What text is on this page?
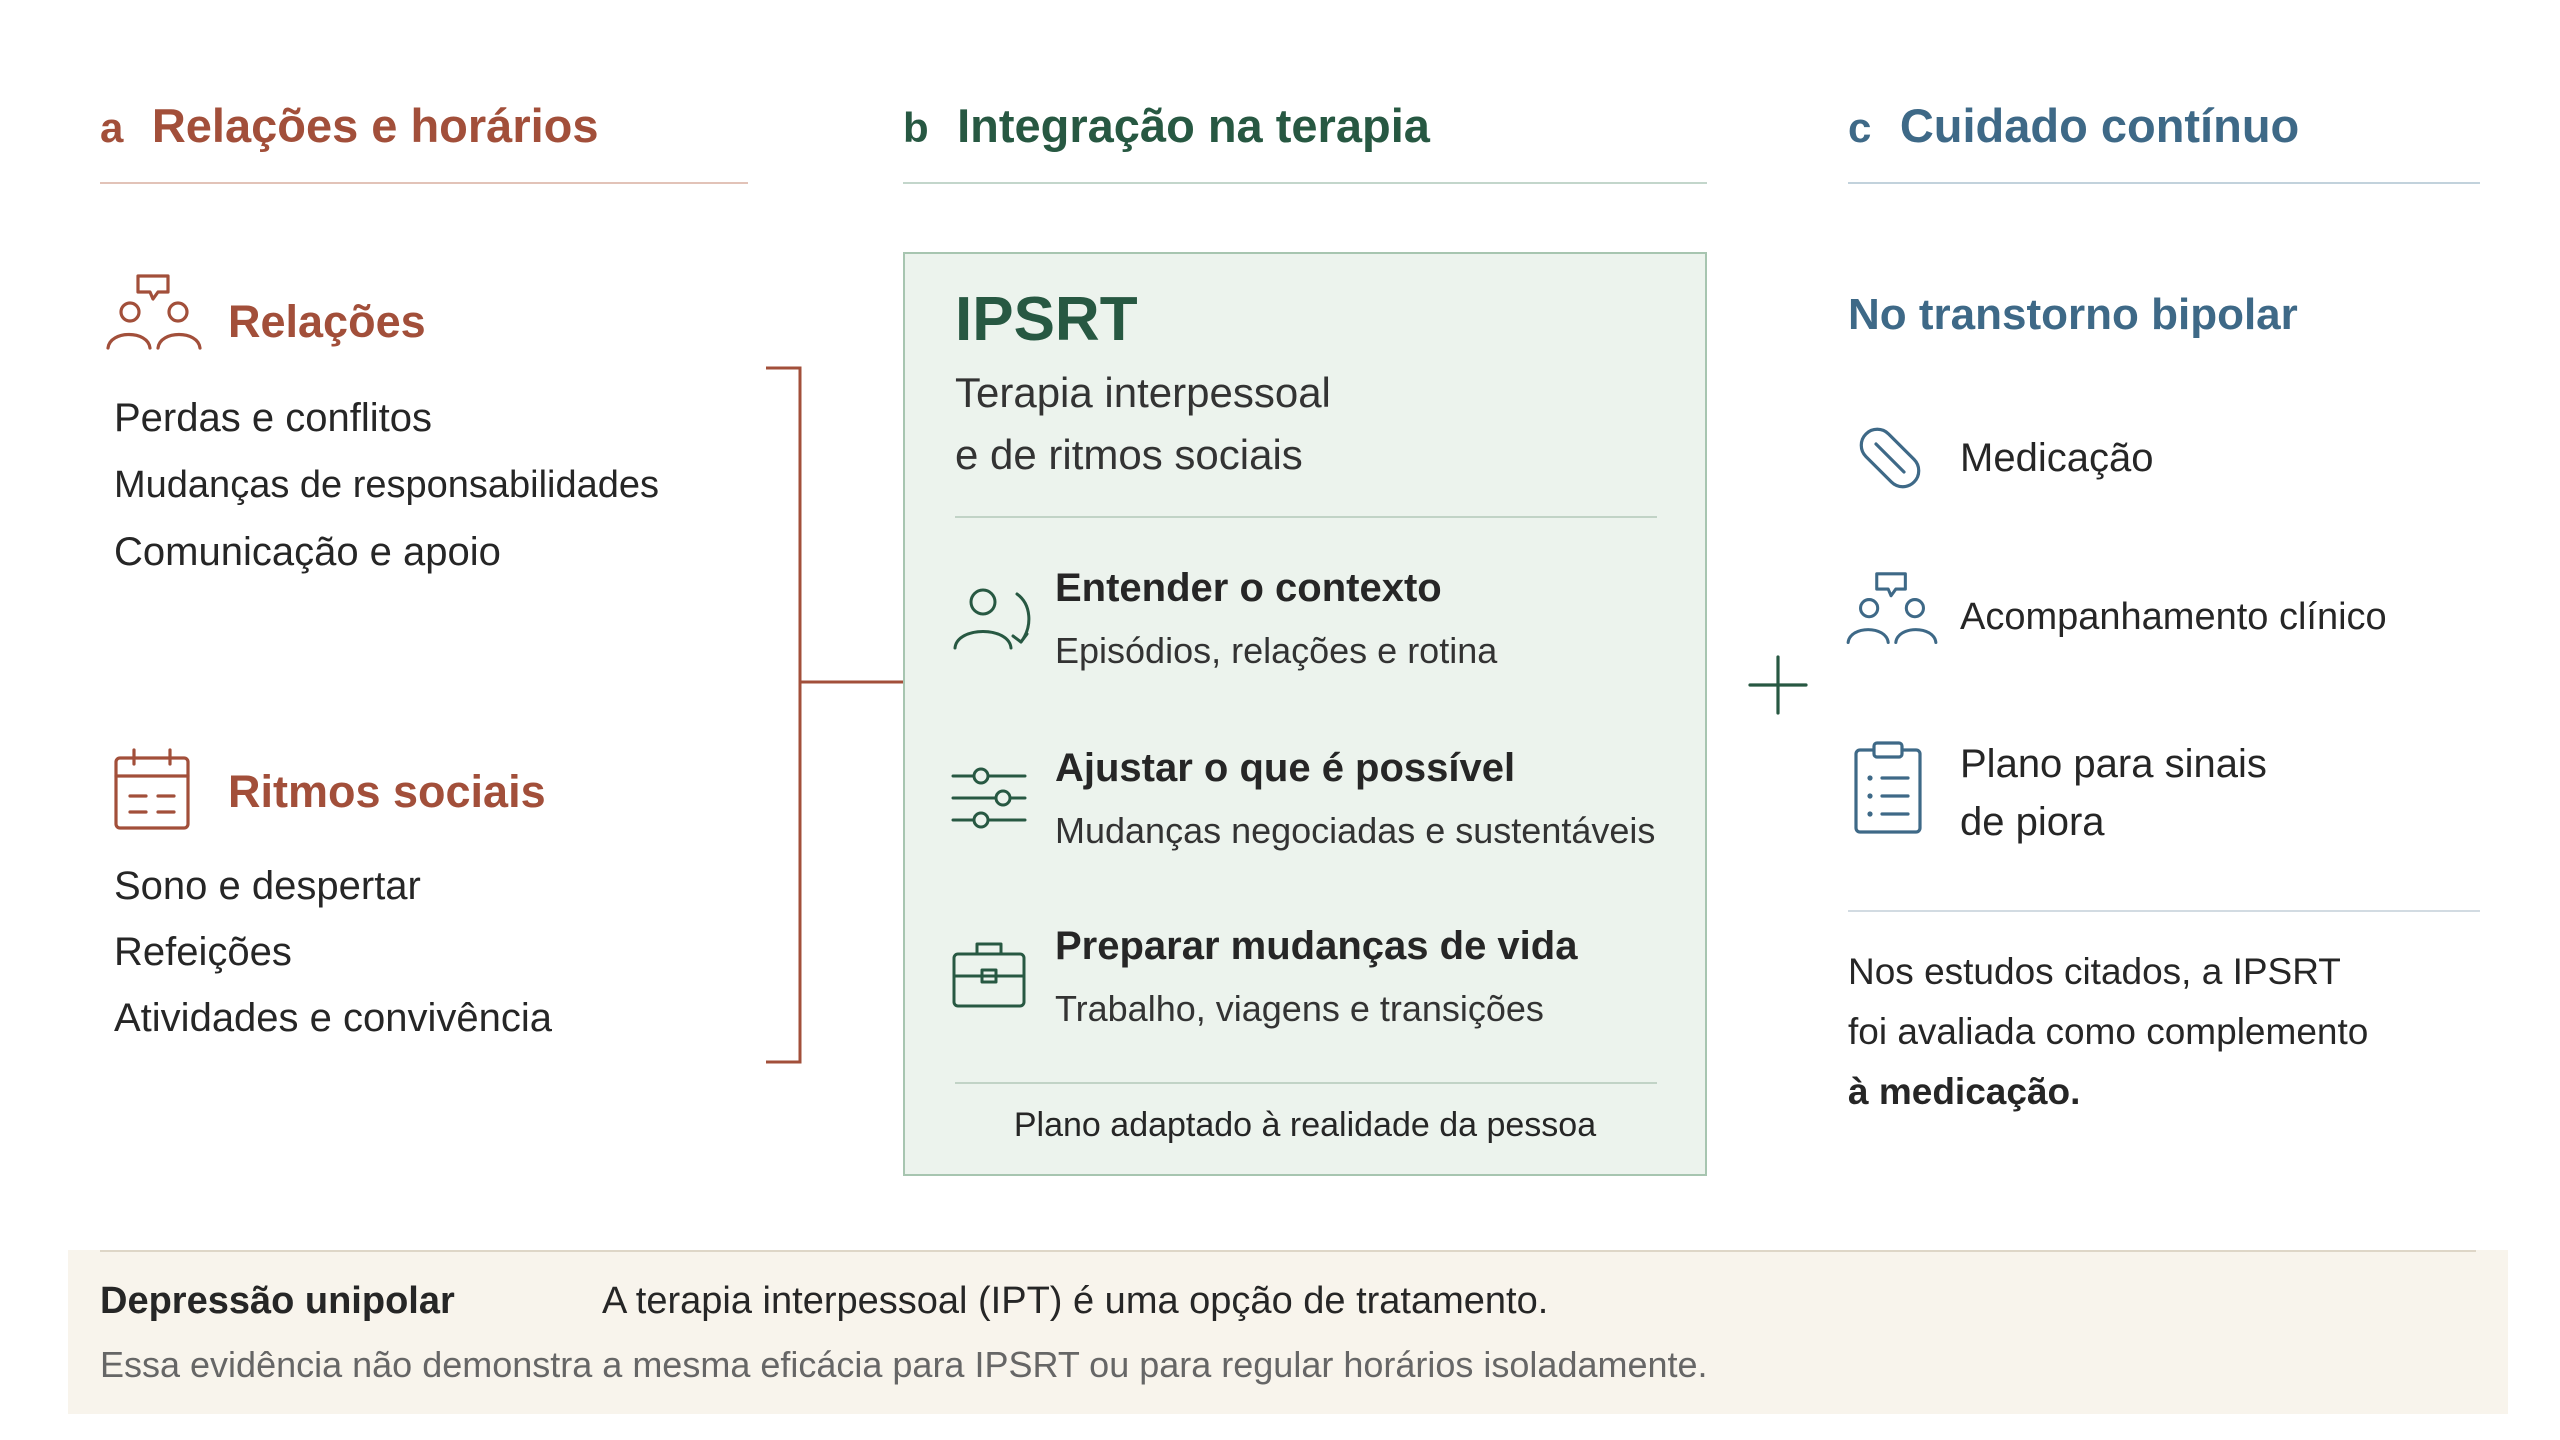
a Relações e horários
Relações
Perdas e conflitos
Mudanças de responsabilidades
Comunicação e apoio
Ritmos sociais
Sono e despertar
Refeições
Atividades e convivência
b Integração na terapia
IPSRT
Terapia interpessoal
e de ritmos sociais
Entender o contexto
Episódios, relações e rotina
Ajustar o que é possível
Mudanças negociadas e sustentáveis
Preparar mudanças de vida
Trabalho, viagens e transições
Plano adaptado à realidade da pessoa
c Cuidado contínuo
No transtorno bipolar
Medicação
Acompanhamento clínico
Plano para sinais
de piora
Nos estudos citados, a IPSRT
foi avaliada como complemento
à medicação.
Depressão unipolar	A terapia interpessoal (IPT) é uma opção de tratamento.
Essa evidência não demonstra a mesma eficácia para IPSRT ou para regular horários isoladamente.
